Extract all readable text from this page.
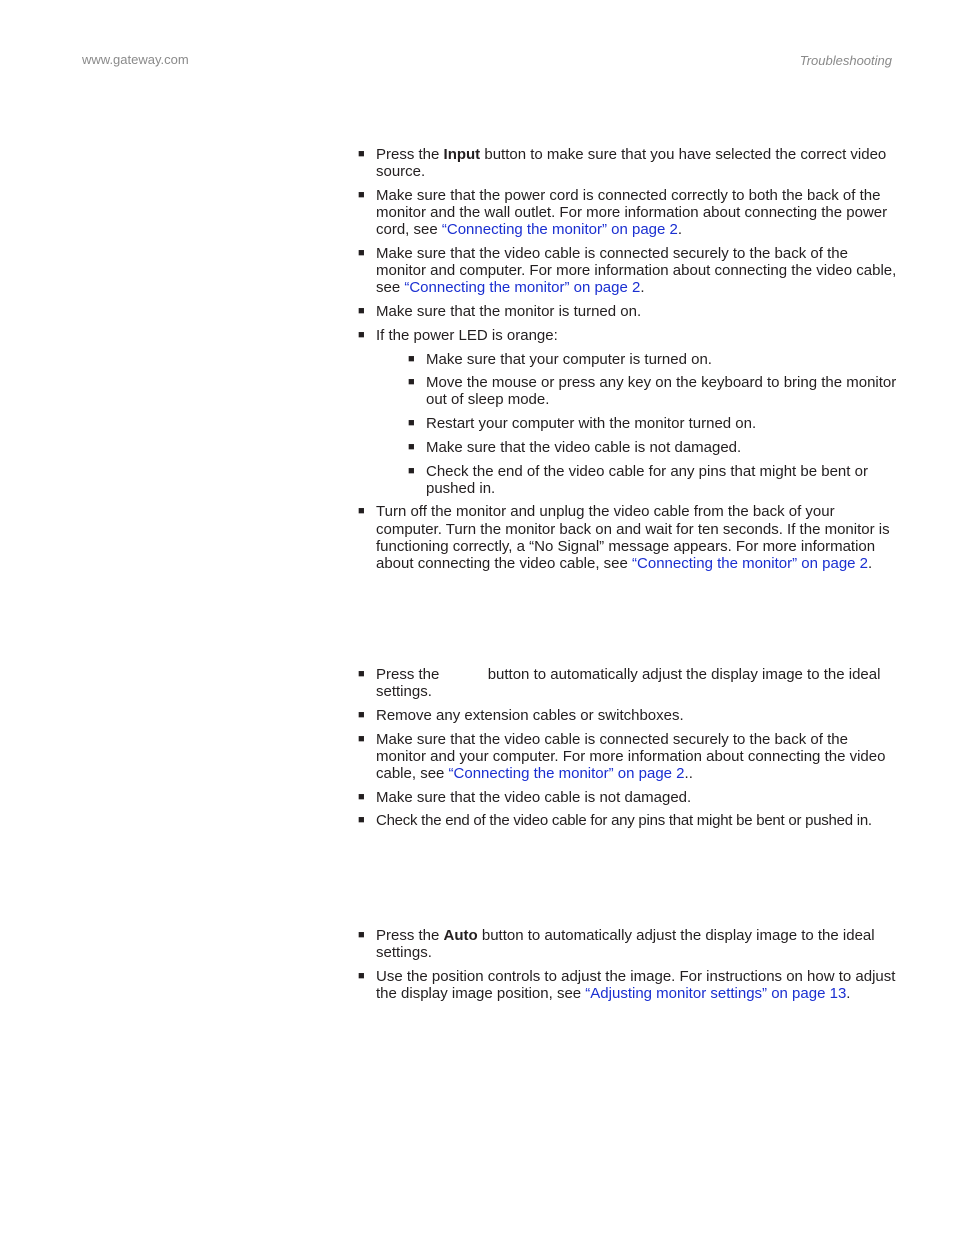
www.gateway.com	Troubleshooting
■ Press the Input button to make sure that you have selected the correct video source.
■ Make sure that the power cord is connected correctly to both the back of the monitor and the wall outlet. For more information about connecting the power cord, see “Connecting the monitor” on page 2.
■ Make sure that the video cable is connected securely to the back of the monitor and computer. For more information about connecting the video cable, see “Connecting the monitor” on page 2.
■ Make sure that the monitor is turned on.
■ If the power LED is orange:
■ Make sure that your computer is turned on.
■ Move the mouse or press any key on the keyboard to bring the monitor out of sleep mode.
■ Restart your computer with the monitor turned on.
■ Make sure that the video cable is not damaged.
■ Check the end of the video cable for any pins that might be bent or pushed in.
■ Turn off the monitor and unplug the video cable from the back of your computer. Turn the monitor back on and wait for ten seconds. If the monitor is functioning correctly, a “No Signal” message appears. For more information about connecting the video cable, see “Connecting the monitor” on page 2.
■ Press the	button to automatically adjust the display image to the ideal settings.
■ Remove any extension cables or switchboxes.
■ Make sure that the video cable is connected securely to the back of the monitor and your computer. For more information about connecting the video cable, see “Connecting the monitor” on page 2..
■ Make sure that the video cable is not damaged.
■ Check the end of the video cable for any pins that might be bent or pushed in.
■ Press the Auto button to automatically adjust the display image to the ideal settings.
■ Use the position controls to adjust the image. For instructions on how to adjust the display image position, see “Adjusting monitor settings” on page 13.
